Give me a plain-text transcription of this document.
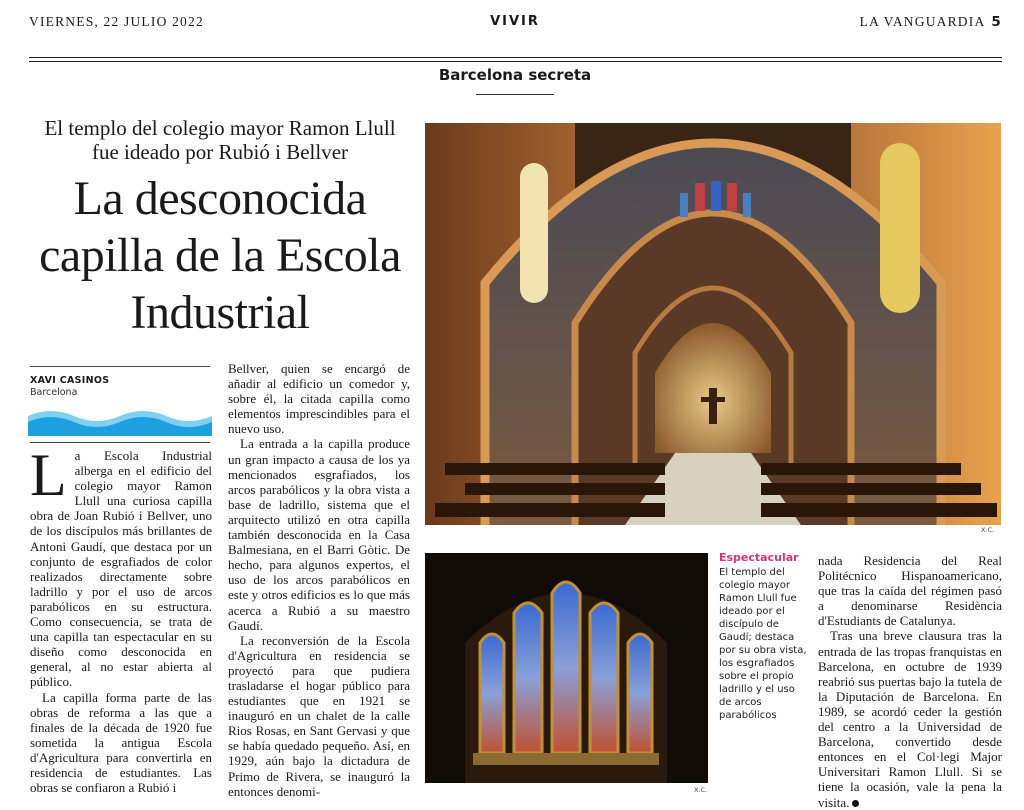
VIERNES, 22 JULIO 2022	VIVIR	LA VANGUARDIA 5
Barcelona secreta
El templo del colegio mayor Ramon Llull fue ideado por Rubió i Bellver
La desconocida capilla de la Escola Industrial
XAVI CASINOS
Barcelona

La Escola Industrial alberga en el edificio del colegio mayor Ramon Llull una curiosa capilla obra de Joan Rubió i Bellver, uno de los discípulos más brillantes de Antoni Gaudí, que destaca por un conjunto de esgrafiados de color realizados directamente sobre ladrillo y por el uso de arcos parabólicos en su estructura. Como consecuencia, se trata de una capilla tan espectacular en su diseño como desconocida en general, al no estar abierta al público.

La capilla forma parte de las obras de reforma a las que a finales de la década de 1920 fue sometida la antigua Escola d'Agricultura para convertirla en residencia de estudiantes. Las obras se confiaron a Rubió i

Bellver, quien se encargó de añadir al edificio un comedor y, sobre él, la citada capilla como elementos imprescindibles para el nuevo uso.

La entrada a la capilla produce un gran impacto a causa de los ya mencionados esgrafiados, los arcos parabólicos y la obra vista a base de ladrillo, sistema que el arquitecto utilizó en otra capilla también desconocida en la Casa Balmesiana, en el Barri Gòtic. De hecho, para algunos expertos, el uso de los arcos parabólicos en este y otros edificios es lo que más acerca a Rubió a su maestro Gaudí.

La reconversión de la Escola d'Agricultura en residencia se proyectó para que pudiera trasladarse el hogar público para estudiantes que en 1921 se inauguró en un chalet de la calle Rios Rosas, en Sant Gervasi y que se había quedado pequeño. Así, en 1929, aún bajo la dictadura de Primo de Rivera, se inauguró la entonces denomi-

X.C.
X.C.
Espectacular
El templo del colegio mayor Ramon Llull fue ideado por el discípulo de Gaudí; destaca por su obra vista, los esgrafiados sobre el propio ladrillo y el uso de arcos parabólicos

nada Residencia del Real Politécnico Hispanoamericano, que tras la caída del régimen pasó a denominarse Residència d'Estudiants de Catalunya.

Tras una breve clausura tras la entrada de las tropas franquistas en Barcelona, en octubre de 1939 reabrió sus puertas bajo la tutela de la Diputación de Barcelona. En 1989, se acordó ceder la gestión del centro a la Universidad de Barcelona, convertido desde entonces en el Col·legi Major Universitari Ramon Llull. Si se tiene la ocasión, vale la pena la visita.
